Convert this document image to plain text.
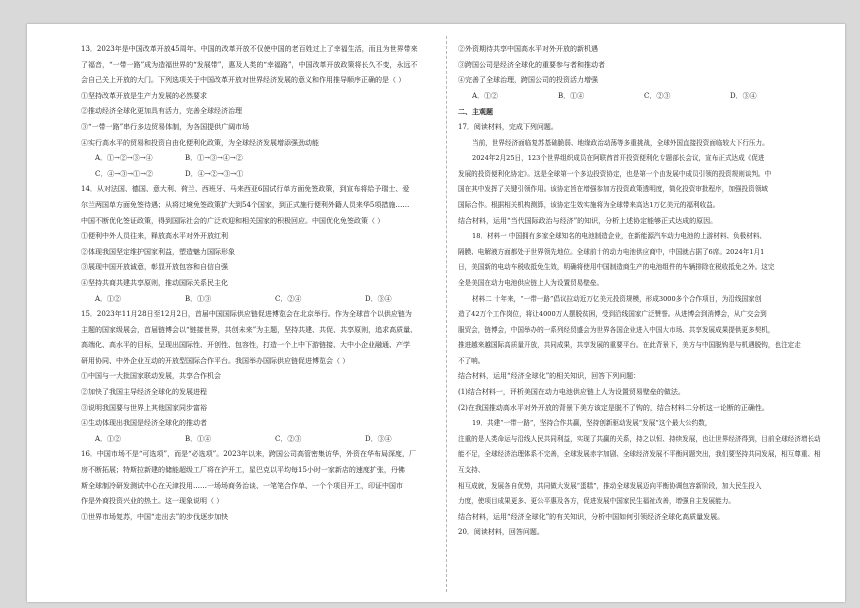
13．2023年是中国改革开放45周年。中国的改革开放不仅使中国的老百姓过上了幸福生活，而且为世界带来

了福音，“一带一路”成为造福世界的“发展带”，惠及人类的“幸福路”，中国改革开放政策将长久不变，永远不

会自己关上开放的大门。下列选项关于中国改革开放对世界经济发展的意义和作用推导顺序正确的是（ ）

①坚持改革开放是生产力发展的必然要求

②推动经济全球化更加具有活力，完善全球经济治理

③“一带一路”串行多边贸易体制，为各国提供广阔市场

④实行高水平的贸易和投资自由化便利化政策，为全球经济发展增添强劲动能

A．①→②→③→④	B．①→③→④→②
C．④→③→①→②	D．④→②→③→①

14．从对法国、德国、意大利、荷兰、西班牙、马来西亚6国试行单方面免签政策，到宣布将给予瑞士、爱

尔兰两国单方面免签待遇；从将过境免签政策扩大到54个国家，到正式施行便利外籍人员来华5项措施……

中国不断优化签证政策，得到国际社会的广泛欢迎和相关国家的积极回应。中国优化免签政策（ ）

①便利中外人员往来，释放高水平对外开放红利

②体现我国坚定维护国家利益，塑造魅力国际形象

③展现中国开放诚意，彰显开放包容和自信自强

④坚持共商共建共享原则，推动国际关系民主化

A．①②	B．①③	C．②④	D．③④

15．2023年11月28日至12月2日，首届中国国际供应链促进博览会在北京举行。作为全球首个以供应链为

主题的国家级展会，首届链博会以“链接世界，共创未来”为主题，坚持共建、共促、共享原则，追求高质量、

高端化、高水平的目标，呈现出国际性、开创性、包容性，打造一个上中下游链接、大中小企业融通、产学

研用协同、中外企业互动的开放型国际合作平台。我国举办国际供应链促进博览会（ ）

①中国与一大批国家联动发展，共享合作机会

②加快了我国主导经济全球化的发展进程

③说明我国要与世界上其他国家同步富裕

④生动体现出我国是经济全球化的推动者

A．①②	B．①④	C．②③	D．③④

16．中国市场不是“可选项”，而是“必选项”。2023年以来，跨国公司高管密集访华，外资在华布局深度，厂

房不断拓展；特斯拉新建的储能超级工厂将在沪开工，星巴克以平均每15小时一家新店的速度扩张，丹佛

斯全球制冷研发测试中心在天津投用……一场场商务治谈、一笔笔合作单、一个个项目开工，印证中国市

作是外商投资兴业的热土。这一现象说明（ ）

①世界市场复苏，中国“走出去”的步伐逐步加快

②外资期待共享中国高水平对外开放的新机遇

③跨国公司是经济全球化的重要参与者和推动者

④完善了全球治理，跨国公司的投资活力增强

A．①②	B．①④	C．②③	D．③④

二、主观题

17．阅读材料，完成下列问题。

当前，世界经济面临复苏基础脆弱、地缘政治动荡等多重挑战，全球外国直接投资面临较大下行压力。

2024年2月25日，123个世界组织成员在阿联酋首开投资便利化专题部长会议，宣布正式达成《促进

发展的投资便利化协定》。这是全球第一个多边投资协定，也是第一个由发展中成员引领的投资规则谈判。中

国在其中发挥了关键引领作用。该协定旨在增强参加方投资政策透明度，简化投资审批程序，加强投资领域

国际合作。根据相关机构测算，该协定生效实施将为全球带来高达1万亿美元的福利收益。

结合材料，运用“当代国际政治与经济”的知识，分析上述协定能够正式达成的原因。

18．材料一 中国拥有多家全球知名的电池制造企业，在新能源汽车动力电池的上游材料、负极材料、

隔膜、电解液方面都处于世界领先地位。全球前十的动力电池供应商中，中国就占据了6席。2024年1月1

日，美国新的电动车税收抵免生效，明确将使用中国制造商生产的电池组件的车辆排除在税收抵免之外。这完

全是美国在动力电池供应链上人为设置贸易壁垒。

材料二 十年来，“一带一路”倡议拉动近万亿美元投资规模，形成3000多个合作项目，为沿线国家创

造了42万个工作岗位，将让4000万人摆脱贫困，受到沿线国家广泛赞誉。从进博会到消博会，从广交会到

服贸会，链博会，中国举办的一系列经贸盛会为世界各国企业进入中国大市场、共享发展成果提供更多契机，

推进越来越国际高质量开放，共同成果，共享发展的重要平台。在此背景下，美方与中国脱钩是与机遇脱钩，也注定走

不了响。

结合材料，运用“经济全球化”的相关知识，回答下列问题：

(1)结合材料一，评析美国在动力电池供应链上人为设置贸易壁垒的做法。

(2)在我国推动高水平对外开放的背景下美方该定是脱不了钩的，结合材料二分析这一论断的正确性。

19．共建“一带一路”，坚持合作共赢，坚持创新驱动发展“发展”这个最大公约数，

注重的是人类命运与沿线人民共同利益，实现了共赢的关系，持之以恒、持续发展，也让世界经济得到，目前全球经济增长动

能不足，全球经济治理体系不完善，全球发展赤字加剧、全球经济发展不平衡问题突出，我们要坚持共同发展，相互尊重、相互支持、

相互成就，发展各自优势，共同做大发展“蛋糕”，推动全球发展迈向平衡协调包容新阶段，加大民生投入

力度，使项目成果更多、更公平惠及各方，促进发展中国家民生福祉改善，增强自主发展能力。

结合材料，运用“经济全球化”的有关知识，分析中国如何引领经济全球化高质量发展。

20．阅读材料，回答问题。
